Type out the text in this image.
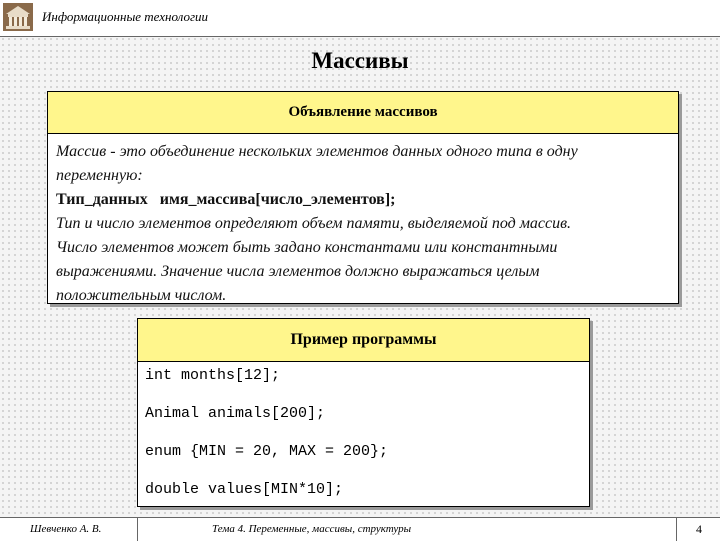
Информационные технологии
Массивы
Объявление массивов
Массив - это объединение нескольких элементов данных одного типа в одну
переменную:
Тип_данных   имя_массива[число_элементов];
Тип и число элементов определяют объем памяти, выделяемой под массив.
Число элементов может быть задано константами или константными
выражениями. Значение числа элементов должно выражаться целым
положительным числом.
Пример программы
int months[12];
Animal animals[200];
enum {MIN = 20, MAX = 200};
double values[MIN*10];
Шевченко А. В.	Тема 4. Переменные, массивы, структуры	4
